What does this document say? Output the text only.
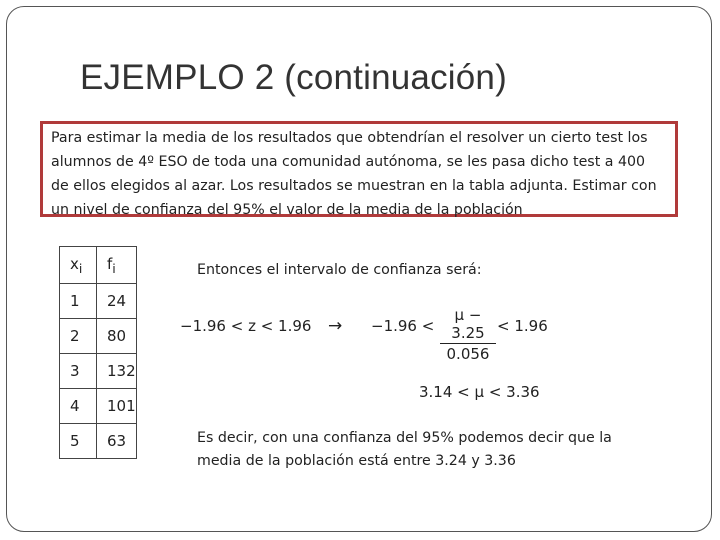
EJEMPLO 2 (continuación)
Para estimar la media de los resultados que obtendrían el resolver un cierto test los alumnos de 4º ESO de toda una comunidad autónoma, se les pasa dicho test a 400 de ellos elegidos al azar. Los resultados se muestran en la tabla adjunta. Estimar con un nivel de confianza del 95% el valor de la media de la población
$x_i$	$f_i$
1	24
2	80
3	132
4	101
5	63
Entonces el intervalo de confianza será:
$-1.96 < z < 1.96 \to -1.96 < \frac{\mu - 3.25}{0.056} < 1.96$
3.14 < μ < 3.36
Es decir, con una confianza del 95% podemos decir que la media de la población está entre 3.24 y 3.36
